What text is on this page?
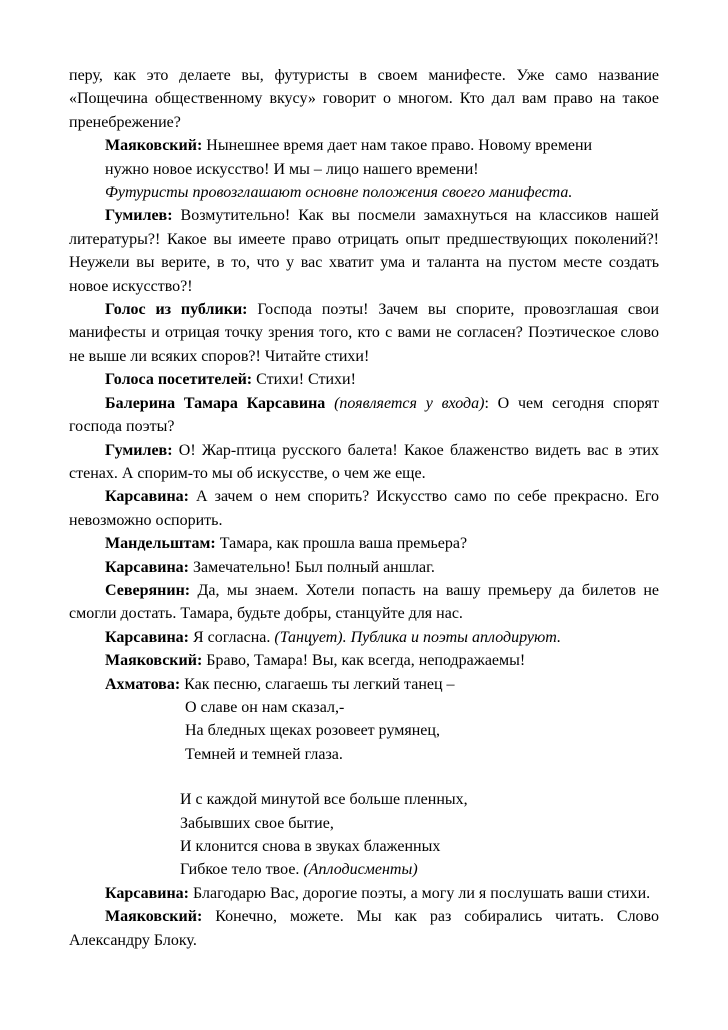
перу, как это делаете вы, футуристы в своем манифесте. Уже само название «Пощечина общественному вкусу» говорит о многом. Кто дал вам право на такое пренебрежение?

Маяковский: Нынешнее время дает нам такое право. Новому времени нужно новое искусство! И мы – лицо нашего времени!

Футуристы провозглашают основне положения своего манифеста.

Гумилев: Возмутительно! Как вы посмели замахнуться на классиков нашей литературы?! Какое вы имеете право отрицать опыт предшествующих поколений?! Неужели вы верите, в то, что у вас хватит ума и таланта на пустом месте создать новое искусство?!

Голос из публики: Господа поэты! Зачем вы спорите, провозглашая свои манифесты и отрицая точку зрения того, кто с вами не согласен? Поэтическое слово не выше ли всяких споров?! Читайте стихи!

Голоса посетителей: Стихи! Стихи!

Балерина Тамара Карсавина (появляется у входа): О чем сегодня спорят господа поэты?

Гумилев: О! Жар-птица русского балета! Какое блаженство видеть вас в этих стенах. А спорим-то мы об искусстве, о чем же еще.

Карсавина: А зачем о нем спорить? Искусство само по себе прекрасно. Его невозможно оспорить.

Мандельштам: Тамара, как прошла ваша премьера?

Карсавина: Замечательно! Был полный аншлаг.

Северянин: Да, мы знаем. Хотели попасть на вашу премьеру да билетов не смогли достать. Тамара, будьте добры, станцуйте для нас.

Карсавина: Я согласна. (Танцует). Публика и поэты аплодируют.

Маяковский: Браво, Тамара! Вы, как всегда, неподражаемы!

Ахматова: Как песню, слагаешь ты легкий танец –

О славе он нам сказал,-

На бледных щеках розовеет румянец,

Темней и темней глаза.

И с каждой минутой все больше пленных,

Забывших свое бытие,

И клонится снова в звуках блаженных

Гибкое тело твое. (Аплодисменты)

Карсавина: Благодарю Вас, дорогие поэты, а могу ли я послушать ваши стихи.

Маяковский: Конечно, можете. Мы как раз собирались читать. Слово Александру Блоку.
